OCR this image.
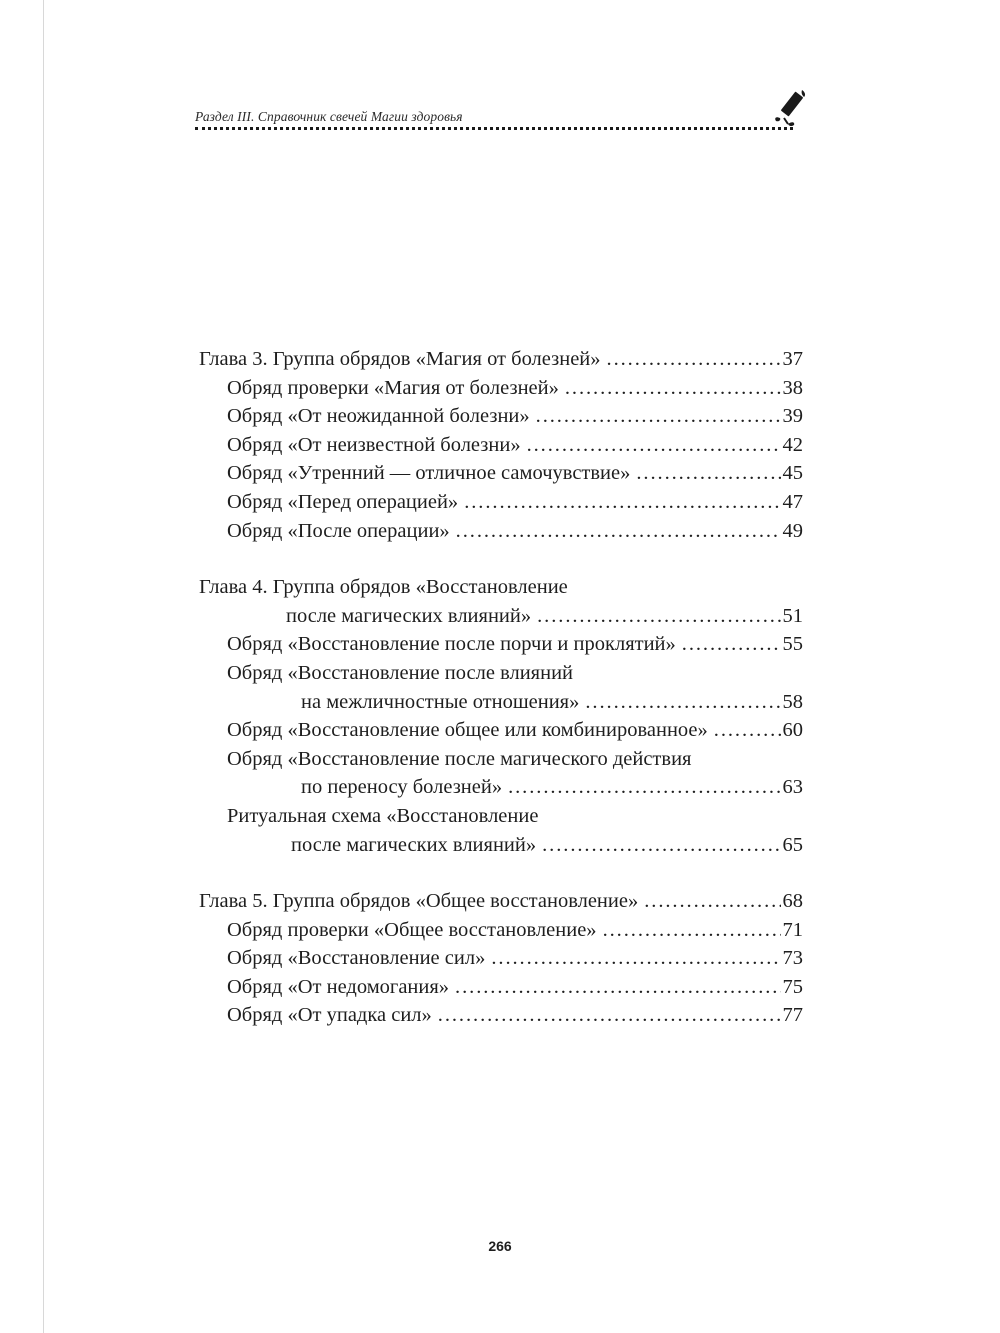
Раздел III. Справочник свечей Магии здоровья
Глава 3. Группа обрядов «Магия от болезней» . . .	37
Обряд проверки «Магия от болезней» . . .	38
Обряд «От неожиданной болезни» . . .	39
Обряд «От неизвестной болезни» . . .	42
Обряд «Утренний — отличное самочувствие» . . .	45
Обряд «Перед операцией» . . .	47
Обряд «После операции» . . .	49
Глава 4. Группа обрядов «Восстановление
после магических влияний» . . .	51
Обряд «Восстановление после порчи и проклятий» . . .	55
Обряд «Восстановление после влияний
на межличностные отношения» . . .	58
Обряд «Восстановление общее или комбинированное» . . .	60
Обряд «Восстановление после магического действия
по переносу болезней» . . .	63
Ритуальная схема «Восстановление
после магических влияний» . . .	65
Глава 5. Группа обрядов «Общее восстановление» . . .	68
Обряд проверки «Общее восстановление» . . .	71
Обряд «Восстановление сил» . . .	73
Обряд «От недомогания» . . .	75
Обряд «От упадка сил» . . .	77
266
